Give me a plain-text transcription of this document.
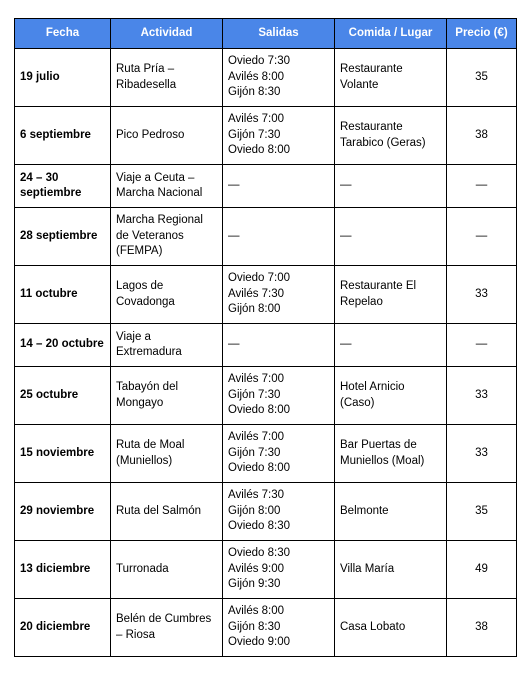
Fecha	Actividad	Salidas	Comida / Lugar	Precio (€)
19 julio	Ruta Pría – Ribadesella	Oviedo 7:30
Avilés 8:00
Gijón 8:30	Restaurante Volante	35
6 septiembre	Pico Pedroso	Avilés 7:00
Gijón 7:30
Oviedo 8:00	Restaurante Tarabico (Geras)	38
24 – 30 septiembre	Viaje a Ceuta – Marcha Nacional	—	—	—
28 septiembre	Marcha Regional de Veteranos (FEMPA)	—	—	—
11 octubre	Lagos de Covadonga	Oviedo 7:00
Avilés 7:30
Gijón 8:00	Restaurante El Repelao	33
14 – 20 octubre	Viaje a Extremadura	—	—	—
25 octubre	Tabayón del Mongayo	Avilés 7:00
Gijón 7:30
Oviedo 8:00	Hotel Arnicio (Caso)	33
15 noviembre	Ruta de Moal (Muniellos)	Avilés 7:00
Gijón 7:30
Oviedo 8:00	Bar Puertas de Muniellos (Moal)	33
29 noviembre	Ruta del Salmón	Avilés 7:30
Gijón 8:00
Oviedo 8:30	Belmonte	35
13 diciembre	Turronada	Oviedo 8:30
Avilés 9:00
Gijón 9:30	Villa María	49
20 diciembre	Belén de Cumbres – Riosa	Avilés 8:00
Gijón 8:30
Oviedo 9:00	Casa Lobato	38
